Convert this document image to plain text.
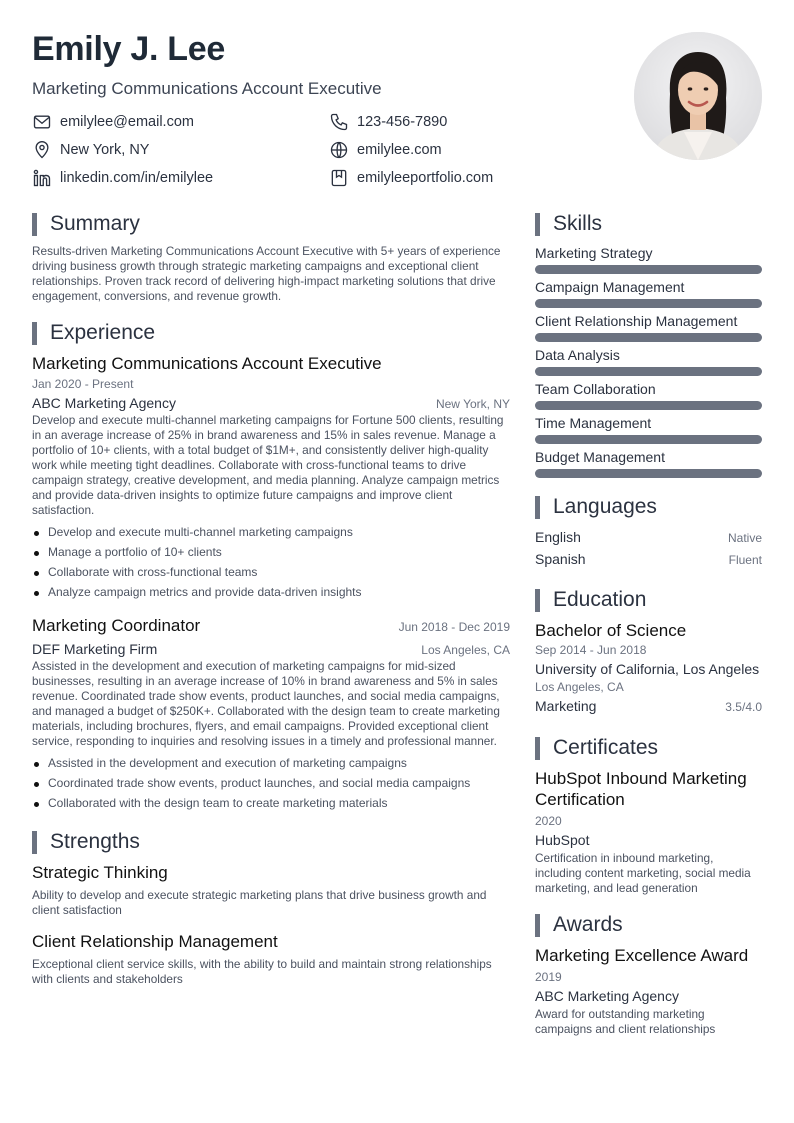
Emily J. Lee
Marketing Communications Account Executive
emilylee@email.com	123-456-7890
New York, NY	emilylee.com
linkedin.com/in/emilylee	emilyleeportfolio.com
Summary
Results-driven Marketing Communications Account Executive with 5+ years of experience driving business growth through strategic marketing campaigns and exceptional client relationships. Proven track record of delivering high-impact marketing solutions that drive engagement, conversions, and revenue growth.
Experience
Marketing Communications Account Executive
Jan 2020 - Present
ABC Marketing Agency	New York, NY
Develop and execute multi-channel marketing campaigns for Fortune 500 clients, resulting in an average increase of 25% in brand awareness and 15% in sales revenue. Manage a portfolio of 10+ clients, with a total budget of $1M+, and consistently deliver high-quality work while meeting tight deadlines. Collaborate with cross-functional teams to drive campaign strategy, creative development, and media planning. Analyze campaign metrics and provide data-driven insights to optimize future campaigns and improve client satisfaction.
Develop and execute multi-channel marketing campaigns
Manage a portfolio of 10+ clients
Collaborate with cross-functional teams
Analyze campaign metrics and provide data-driven insights
Marketing Coordinator	Jun 2018 - Dec 2019
DEF Marketing Firm	Los Angeles, CA
Assisted in the development and execution of marketing campaigns for mid-sized businesses, resulting in an average increase of 10% in brand awareness and 5% in sales revenue. Coordinated trade show events, product launches, and social media campaigns, and managed a budget of $250K+. Collaborated with the design team to create marketing materials, including brochures, flyers, and email campaigns. Provided exceptional client service, responding to inquiries and resolving issues in a timely and professional manner.
Assisted in the development and execution of marketing campaigns
Coordinated trade show events, product launches, and social media campaigns
Collaborated with the design team to create marketing materials
Strengths
Strategic Thinking
Ability to develop and execute strategic marketing plans that drive business growth and client satisfaction
Client Relationship Management
Exceptional client service skills, with the ability to build and maintain strong relationships with clients and stakeholders
Skills
Marketing Strategy
Campaign Management
Client Relationship Management
Data Analysis
Team Collaboration
Time Management
Budget Management
Languages
English	Native
Spanish	Fluent
Education
Bachelor of Science
Sep 2014 - Jun 2018
University of California, Los Angeles
Los Angeles, CA
Marketing	3.5/4.0
Certificates
HubSpot Inbound Marketing Certification
2020
HubSpot
Certification in inbound marketing, including content marketing, social media marketing, and lead generation
Awards
Marketing Excellence Award
2019
ABC Marketing Agency
Award for outstanding marketing campaigns and client relationships
